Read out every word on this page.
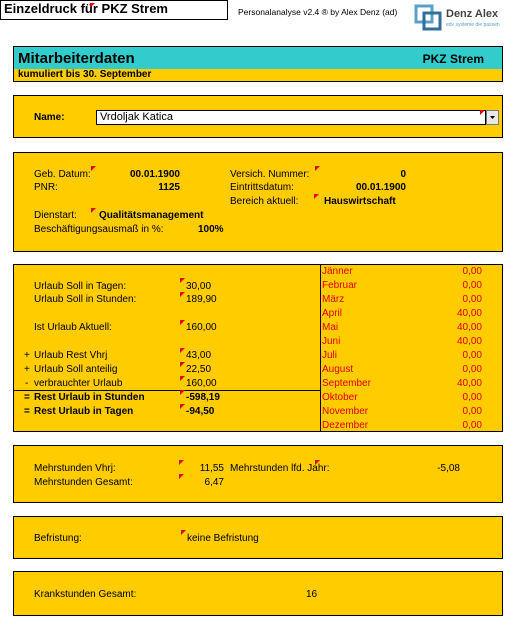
Einzeldruck für PKZ Strem	Personalanalyse v2.4 ® by Alex Denz (ad)	Denz Alex
edv systeme die passen
Mitarbeiterdaten	PKZ Strem
kumuliert bis 30. September
Name:	Vrdoljak Katica
Geb. Datum:	00.01.1900
PNR:	1125
Versich. Nummer:	0
Eintrittsdatum:	00.01.1900
Bereich aktuell:	Hauswirtschaft
Dienstart: Qualitätsmanagement
Beschäftigungsausmaß in %:	100%
Urlaub Soll in Tagen:	30,00
Urlaub Soll in Stunden:	189,90
Ist Urlaub Aktuell:	160,00
+ Urlaub Rest Vhrj	43,00
+ Urlaub Soll anteilig	22,50
- verbrauchter Urlaub	160,00
= Rest Urlaub in Stunden	-598,19
= Rest Urlaub in Tagen	-94,50
Jänner	0,00
Februar	0,00
März	0,00
April	40,00
Mai	40,00
Juni	40,00
Juli	0,00
August	0,00
September	40,00
Oktober	0,00
November	0,00
Dezember	0,00
Mehrstunden Vhrj:	11,55 Mehrstunden lfd. Jahr:	-5,08
Mehrstunden Gesamt:	6,47
Befristung:	keine Befristung
Krankstunden Gesamt:	16
